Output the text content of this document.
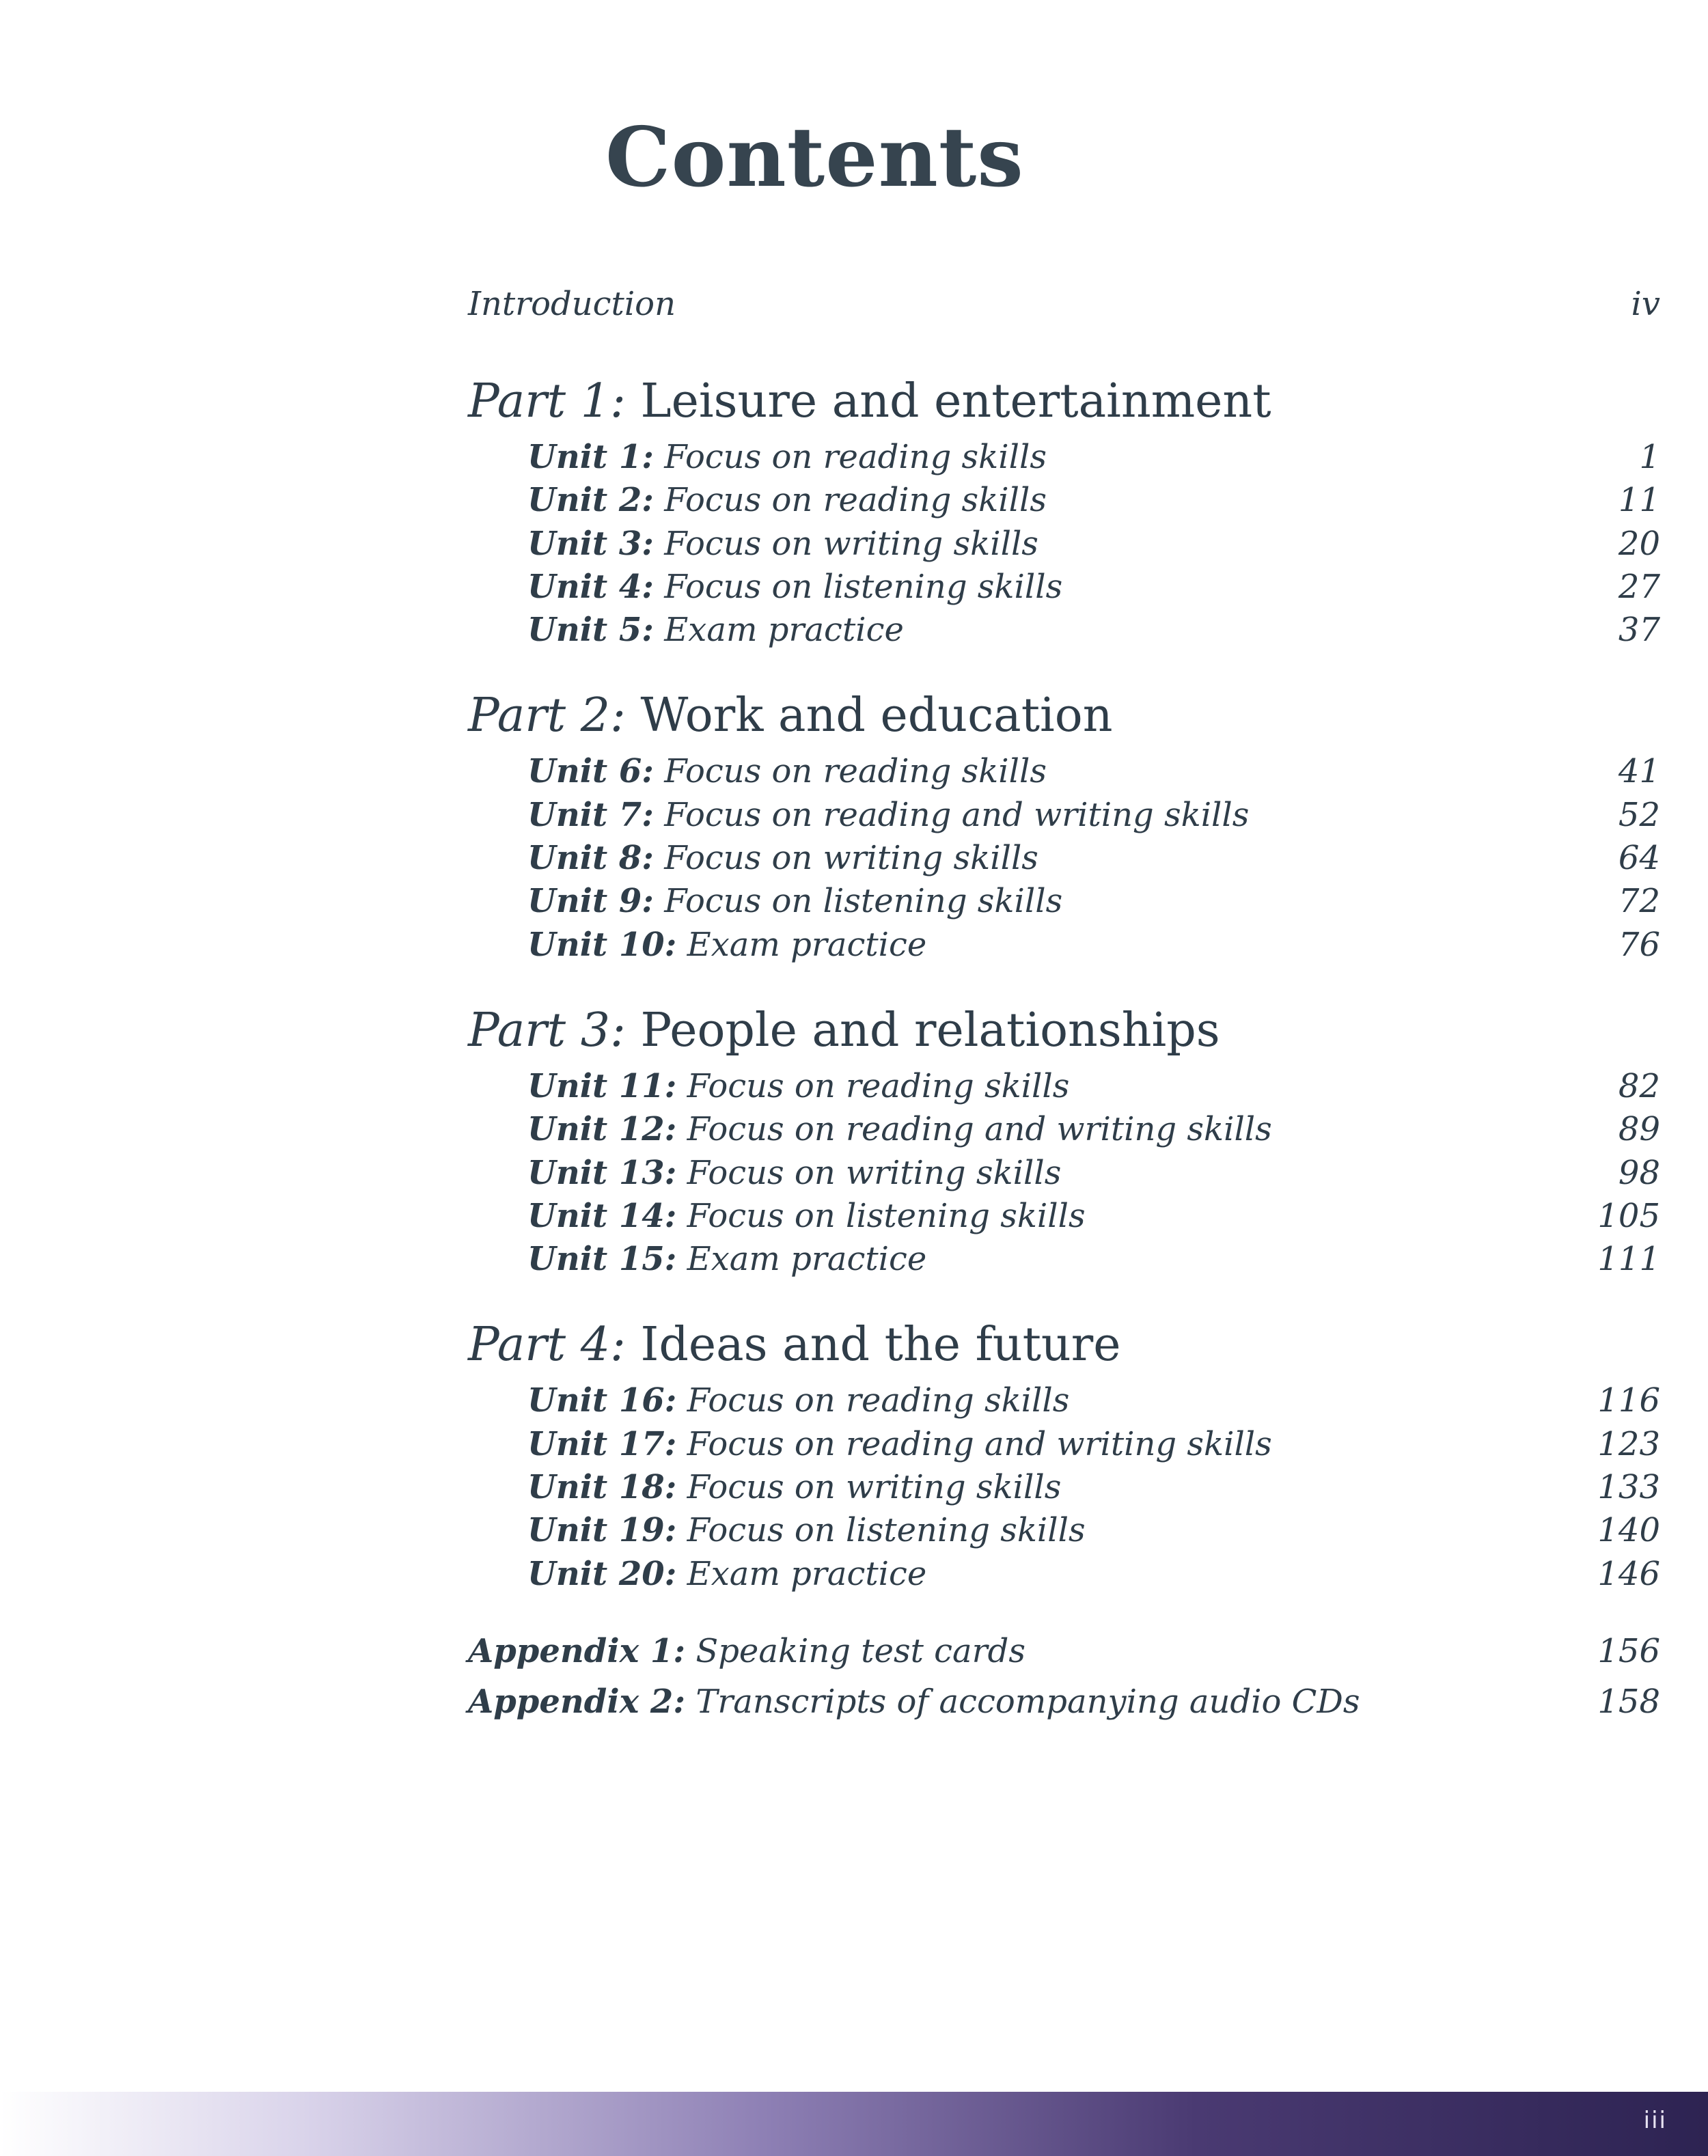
Contents
Introduction	iv
Part 1: Leisure and entertainment
Unit 1: Focus on reading skills	1
Unit 2: Focus on reading skills	11
Unit 3: Focus on writing skills	20
Unit 4: Focus on listening skills	27
Unit 5: Exam practice	37
Part 2: Work and education
Unit 6: Focus on reading skills	41
Unit 7: Focus on reading and writing skills	52
Unit 8: Focus on writing skills	64
Unit 9: Focus on listening skills	72
Unit 10: Exam practice	76
Part 3: People and relationships
Unit 11: Focus on reading skills	82
Unit 12: Focus on reading and writing skills	89
Unit 13: Focus on writing skills	98
Unit 14: Focus on listening skills	105
Unit 15: Exam practice	111
Part 4: Ideas and the future
Unit 16: Focus on reading skills	116
Unit 17: Focus on reading and writing skills	123
Unit 18: Focus on writing skills	133
Unit 19: Focus on listening skills	140
Unit 20: Exam practice	146
Appendix 1: Speaking test cards	156
Appendix 2: Transcripts of accompanying audio CDs	158
iii
